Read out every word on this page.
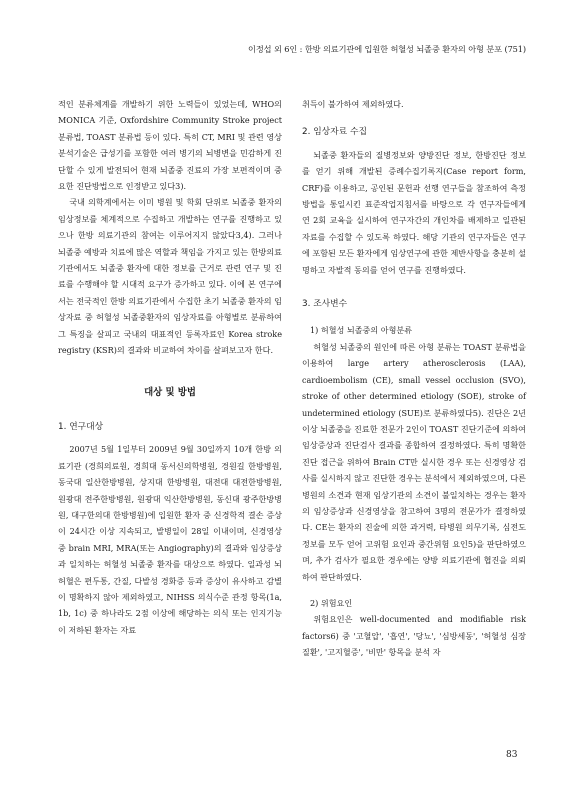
이정섭 외 6인 : 한방 의료기관에 입원한 허혈성 뇌졸중 환자의 아형 분포 (751)

적인 분류체계를 개발하기 위한 노력들이 있었는데, WHO의 MONICA 기준, Oxfordshire Community Stroke project 분류법, TOAST 분류법 등이 있다. 특히 CT, MRI 및 관련 영상분석기술은 급성기를 포함한 여러 병기의 뇌병변을 민감하게 진단할 수 있게 발전되어 현재 뇌졸중 진료의 가장 보편적이며 중요한 진단방법으로 인정받고 있다3).

국내 의학계에서는 이미 병원 및 학회 단위로 뇌졸중 환자의 임상정보를 체계적으로 수집하고 개발하는 연구를 진행하고 있으나 한방 의료기관의 참여는 이루어지지 않았다3,4). 그러나 뇌졸중 예방과 치료에 많은 역할과 책임을 가지고 있는 한방의료기관에서도 뇌졸중 환자에 대한 정보를 근거로 관련 연구 및 진료를 수행해야 할 시대적 요구가 증가하고 있다. 이에 본 연구에서는 전국적인 한방 의료기관에서 수집한 초기 뇌졸중 환자의 임상자료 중 허혈성 뇌졸중환자의 임상자료를 아형별로 분류하여 그 특징을 살피고 국내의 대표적인 등록자료인 Korea stroke registry (KSR)의 결과와 비교하여 차이를 살펴보고자 한다.

대상 및 방법
1. 연구대상

2007년 5월 1일부터 2009년 9월 30일까지 10개 한방 의료기관 (경희의료원, 경희대 동서신의학병원, 경원길 한방병원, 동국대 일산한방병원, 상지대 한방병원, 대전대 대전한방병원, 원광대 전주한방병원, 원광대 익산한방병원, 동신대 광주한방병원, 대구한의대 한방병원)에 입원한 환자 중 신경학적 결손 증상이 24시간 이상 지속되고, 발병일이 28일 이내이며, 신경영상 중 brain MRI, MRA(또는 Angiography)의 결과와 임상증상과 일치하는 허혈성 뇌졸중 환자를 대상으로 하였다. 일과성 뇌허혈은 편두통, 간질, 다발성 경화증 등과 증상이 유사하고 감별이 명확하지 않아 제외하였고, NIHSS 의식수준 관정 항목(1a, 1b, 1c) 중 하나라도 2점 이상에 해당하는 의식 또는 인지기능이 저하된 환자는 자료

취득이 불가하여 제외하였다.

2. 임상자료 수집

뇌졸중 환자들의 질병정보와 양방진단 정보, 한방진단 정보를 얻기 위해 개발된 증례수집기록지(Case report form, CRF)를 이용하고, 공인된 문헌과 선행 연구들을 참조하여 측정방법을 통일시킨 표준작업지침서를 바탕으로 각 연구자들에게 연 2회 교육을 실시하여 연구자간의 개인차를 배제하고 일관된 자료를 수집할 수 있도록 하였다. 해당 기관의 연구자들은 연구에 포함된 모든 환자에게 임상연구에 관한 제반사항을 충분히 설명하고 자발적 동의를 얻어 연구를 진행하였다.

3. 조사변수
1) 허혈성 뇌졸중의 아형분류

허혈성 뇌졸중의 원인에 따른 아형 분류는 TOAST 분류법을 이용하여 large artery atherosclerosis (LAA), cardioembolism (CE), small vessel occlusion (SVO), stroke of other determined etiology (SOE), stroke of undetermined etiology (SUE)로 분류하였다5). 진단은 2년 이상 뇌졸중을 진료한 전문가 2인이 TOAST 진단기준에 의하여 임상증상과 진단검사 결과를 종합하여 결정하였다. 특히 명확한 진단 접근을 위하여 Brain CT만 실시한 경우 또는 신경영상 검사를 실시하지 않고 진단한 경우는 분석에서 제외하였으며, 다른 병원의 소견과 현재 임상기관의 소견이 불일치하는 경우는 환자의 임상증상과 신경영상을 참고하여 3명의 전문가가 결정하였다. CE는 환자의 진술에 의한 과거력, 타병원 의무기록, 심전도 정보를 모두 얻어 고위험 요인과 중간위험 요인5)을 판단하였으며, 추가 검사가 필요한 경우에는 양방 의료기관에 협진을 의뢰하여 판단하였다.

2) 위험요인

위험요인은 well-documented and modifiable risk factors6) 중 '고혈압', '흡연', '당뇨', '심방세동', '허혈성 심장질환', '고지혈증', '비만' 항목을 분석 자

83
